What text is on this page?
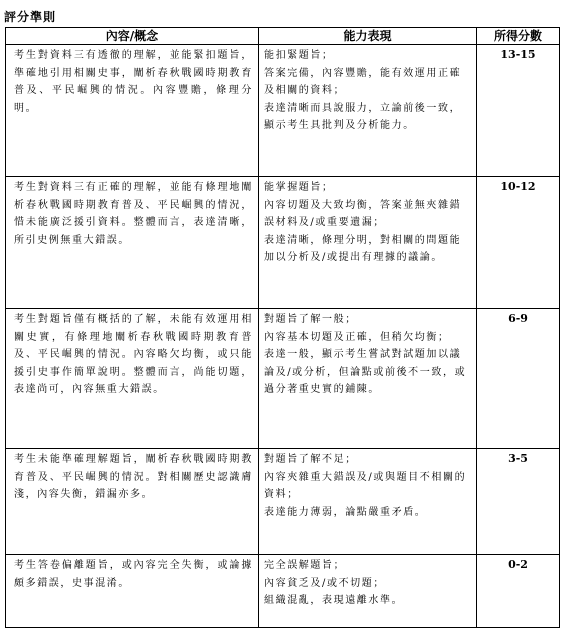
評分準則
內容/概念	能力表現	所得分數

考生對資料三有透徹的理解，並能緊扣題旨，準確地引用相關史事，闡析春秋戰國時期教育普及、平民崛興的情況。內容豐贍，條理分明。	能扣緊題旨；
答案完備，內容豐贍，能有效運用正確及相關的資料；
表達清晰而具說服力，立論前後一致，顯示考生具批判及分析能力。	13-15

考生對資料三有正確的理解，並能有條理地闡析春秋戰國時期教育普及、平民崛興的情況，惜未能廣泛援引資料。整體而言，表達清晰，所引史例無重大錯誤。	能掌握題旨；
內容切題及大致均衡，答案並無夾雜錯誤材料及/或重要遺漏；
表達清晰，條理分明，對相關的問題能加以分析及/或提出有理據的議論。	10-12

考生對題旨僅有概括的了解，未能有效運用相關史實，有條理地闡析春秋戰國時期教育普及、平民崛興的情況。內容略欠均衡，或只能援引史事作簡單說明。整體而言，尚能切題，表達尚可，內容無重大錯誤。	對題旨了解一般；
內容基本切題及正確，但稍欠均衡；
表達一般，顯示考生嘗試對試題加以議論及/或分析，但論點或前後不一致，或過分著重史實的鋪陳。	6-9

考生未能準確理解題旨，闡析春秋戰國時期教育普及、平民崛興的情況。對相關歷史認識膚淺，內容失衡，錯漏亦多。	對題旨了解不足；
內容夾雜重大錯誤及/或與題目不相關的資料；
表達能力薄弱，論點嚴重矛盾。	3-5

考生答卷偏離題旨，或內容完全失衡，或論據頗多錯誤，史事混淆。	完全誤解題旨；
內容貧乏及/或不切題；
組織混亂，表現遠離水準。	0-2
